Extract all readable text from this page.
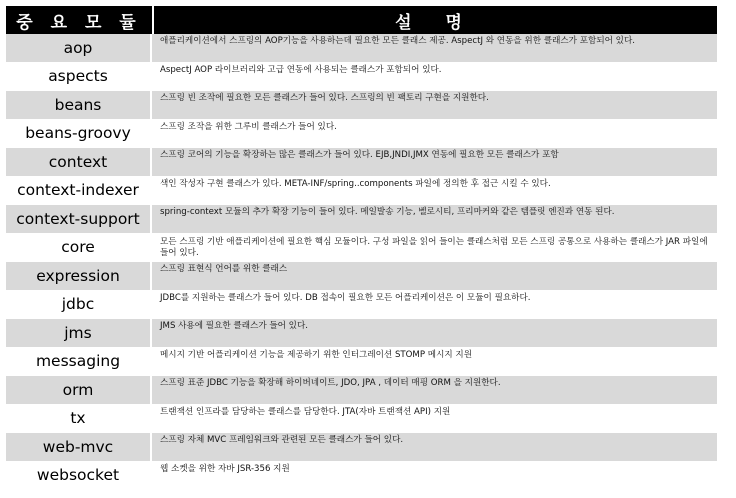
중 요 모 듈	설 명
aop	애플리케이션에서 스프링의 AOP기능을 사용하는데 필요한 모든 클래스 제공. AspectJ 와 연동을 위한 클래스가 포함되어 있다.
aspects	AspectJ AOP 라이브러리와 고급 연동에 사용되는 클래스가 포함되어 있다.
beans	스프링 빈 조작에 필요한 모든 클래스가 들어 있다. 스프링의 빈 팩토리 구현을 지원한다.
beans-groovy	스프링 조작을 위한 그루비 클래스가 들어 있다.
context	스프링 코어의 기능을 확장하는 많은 클래스가 들어 있다. EJB,JNDI,JMX 연동에 필요한 모든 클래스가 포함
context-indexer	색인 작성자 구현 클래스가 있다. META-INF/spring..components 파일에 정의한 후 접근 시킬 수 있다.
context-support	spring-context 모듈의 추가 확장 기능이 들어 있다. 메일발송 기능, 벨로시티, 프리마커와 같은 템플릿 엔진과 연동 된다.
core	모든 스프링 기반 애플리케이션에 필요한 핵심 모듈이다. 구성 파일을 읽어 들이는 클래스처럼 모든 스프링 공통으로 사용하는 클래스가 JAR 파일에 들어 있다.
expression	스프링 표현식 언어를 위한 클래스
jdbc	JDBC를 지원하는 클래스가 들어 있다. DB 접속이 필요한 모든 어플리케이션은 이 모듈이 필요하다.
jms	JMS 사용에 필요한 클래스가 들어 있다.
messaging	메시지 기반 어플리케이션 기능을 제공하기 위한 인터그레이션 STOMP 메시지 지원
orm	스프링 표준 JDBC 기능을 확장해 하이버네이트, JDO, JPA , 데이터 매핑 ORM 을 지원한다.
tx	트랜잭션 인프라를 담당하는 클래스를 담당한다. JTA(자바 트랜잭션 API) 지원
web-mvc	스프링 자체 MVC 프레임워크와 관련된 모든 클래스가 들어 있다.
websocket	웹 소켓을 위한 자바 JSR-356 지원
